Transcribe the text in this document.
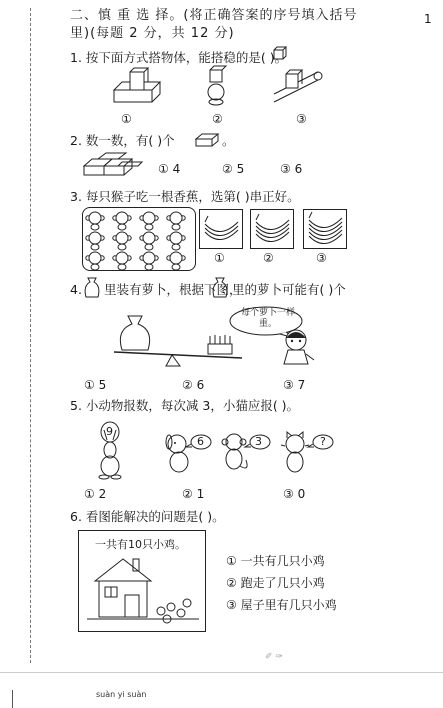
1
二、慎 重 选 择。(将正确答案的序号填入括号
里)(每题 2 分，共 12 分)
1. 按下面方式搭物体，能搭稳的是( )。
①	②	③
2. 数一数，有( )个	。
① 4	② 5	③ 6
3. 每只猴子吃一根香蕉，选第( )串正好。
①	②	③
4. 里装有萝卜，根据下图，
里的萝卜可能有( )个
每个萝卜一样重。
① 5	② 6	③ 7
5. 小动物报数，每次减 3，小猫应报( )。
9
6	3	?
① 2	② 1	③ 0
6. 看图能解决的问题是( )。
一共有10只小鸡。
① 一共有几只小鸡
② 跑走了几只小鸡
③ 屋子里有几只小鸡
✐ ✑
suàn yi suàn
